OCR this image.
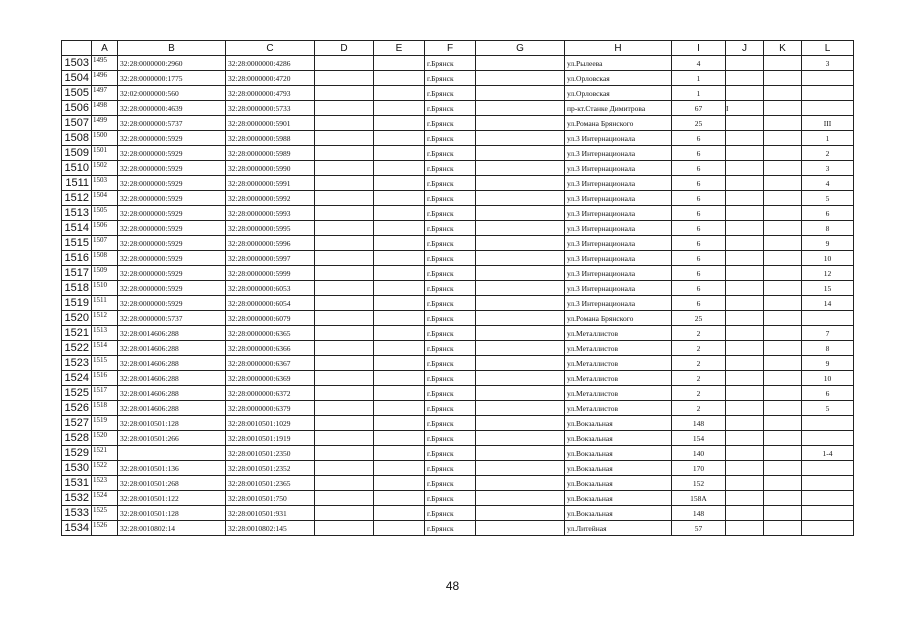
	A	B	C	D	E	F	G	H	I	J	K	L
1503	1495	32:28:0000000:2960	32:28:0000000:4286			г.Брянск		ул.Рылеева	4			3
1504	1496	32:28:0000000:1775	32:28:0000000:4720			г.Брянск		ул.Орловская	1			
1505	1497	32:02:0000000:560	32:28:0000000:4793			г.Брянск		ул.Орловская	1			
1506	1498	32:28:0000000:4639	32:28:0000000:5733			г.Брянск		пр-кт.Станке Димитрова	67	I		
1507	1499	32:28:0000000:5737	32:28:0000000:5901			г.Брянск		ул.Романа Брянского	25			III
1508	1500	32:28:0000000:5929	32:28:0000000:5988			г.Брянск		ул.3 Интернационала	6			1
1509	1501	32:28:0000000:5929	32:28:0000000:5989			г.Брянск		ул.3 Интернационала	6			2
1510	1502	32:28:0000000:5929	32:28:0000000:5990			г.Брянск		ул.3 Интернационала	6			3
1511	1503	32:28:0000000:5929	32:28:0000000:5991			г.Брянск		ул.3 Интернационала	6			4
1512	1504	32:28:0000000:5929	32:28:0000000:5992			г.Брянск		ул.3 Интернационала	6			5
1513	1505	32:28:0000000:5929	32:28:0000000:5993			г.Брянск		ул.3 Интернационала	6			6
1514	1506	32:28:0000000:5929	32:28:0000000:5995			г.Брянск		ул.3 Интернационала	6			8
1515	1507	32:28:0000000:5929	32:28:0000000:5996			г.Брянск		ул.3 Интернационала	6			9
1516	1508	32:28:0000000:5929	32:28:0000000:5997			г.Брянск		ул.3 Интернационала	6			10
1517	1509	32:28:0000000:5929	32:28:0000000:5999			г.Брянск		ул.3 Интернационала	6			12
1518	1510	32:28:0000000:5929	32:28:0000000:6053			г.Брянск		ул.3 Интернационала	6			15
1519	1511	32:28:0000000:5929	32:28:0000000:6054			г.Брянск		ул.3 Интернационала	6			14
1520	1512	32:28:0000000:5737	32:28:0000000:6079			г.Брянск		ул.Романа Брянского	25			
1521	1513	32:28:0014606:288	32:28:0000000:6365			г.Брянск		ул.Металлистов	2			7
1522	1514	32:28:0014606:288	32:28:0000000:6366			г.Брянск		ул.Металлистов	2			8
1523	1515	32:28:0014606:288	32:28:0000000:6367			г.Брянск		ул.Металлистов	2			9
1524	1516	32:28:0014606:288	32:28:0000000:6369			г.Брянск		ул.Металлистов	2			10
1525	1517	32:28:0014606:288	32:28:0000000:6372			г.Брянск		ул.Металлистов	2			6
1526	1518	32:28:0014606:288	32:28:0000000:6379			г.Брянск		ул.Металлистов	2			5
1527	1519	32:28:0010501:128	32:28:0010501:1029			г.Брянск		ул.Вокзальная	148			
1528	1520	32:28:0010501:266	32:28:0010501:1919			г.Брянск		ул.Вокзальная	154			
1529	1521		32:28:0010501:2350			г.Брянск		ул.Вокзальная	140			1-4
1530	1522	32:28:0010501:136	32:28:0010501:2352			г.Брянск		ул.Вокзальная	170			
1531	1523	32:28:0010501:268	32:28:0010501:2365			г.Брянск		ул.Вокзальная	152			
1532	1524	32:28:0010501:122	32:28:0010501:750			г.Брянск		ул.Вокзальная	158А			
1533	1525	32:28:0010501:128	32:28:0010501:931			г.Брянск		ул.Вокзальная	148			
1534	1526	32:28:0010802:14	32:28:0010802:145			г.Брянск		ул.Литейная	57			
48
